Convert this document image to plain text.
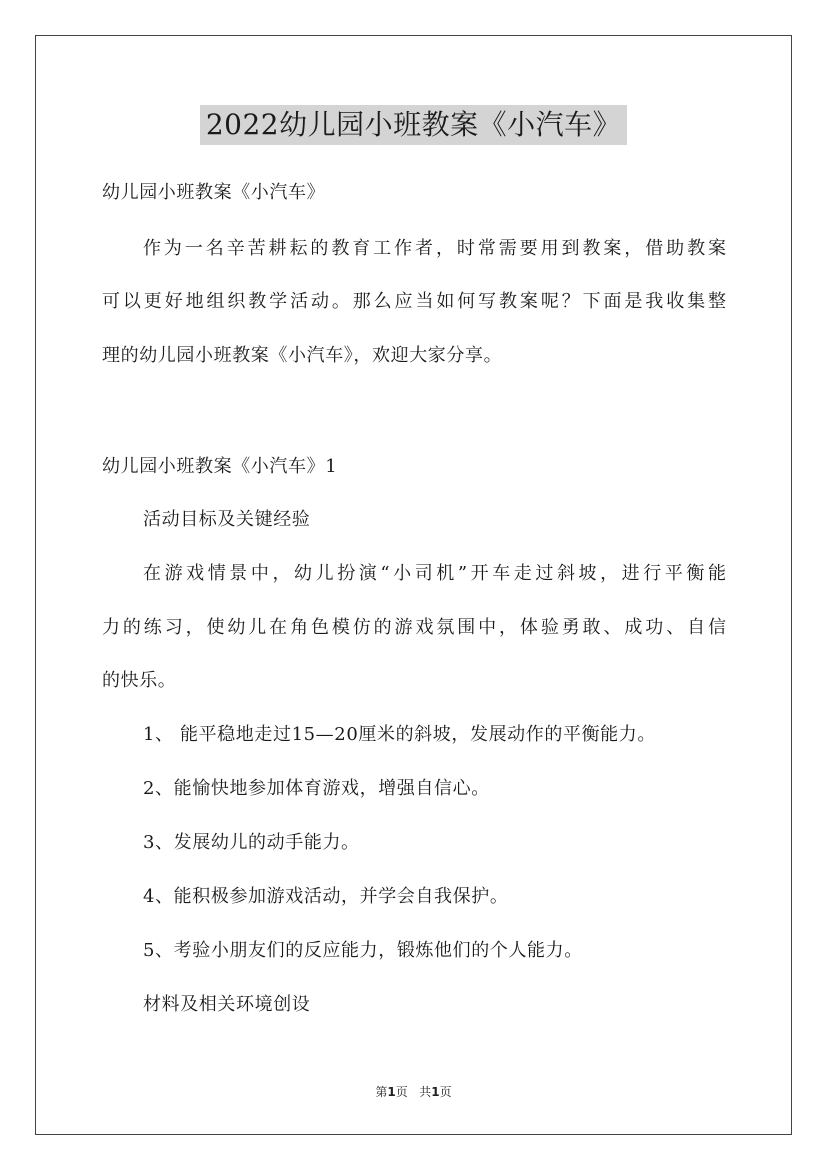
2022幼儿园小班教案《小汽车》

幼儿园小班教案《小汽车》

作为一名辛苦耕耘的教育工作者，时常需要用到教案，借助教案

可以更好地组织教学活动。那么应当如何写教案呢？下面是我收集整

理的幼儿园小班教案《小汽车》，欢迎大家分享。

幼儿园小班教案《小汽车》1

活动目标及关键经验

在游戏情景中，幼儿扮演“小司机”开车走过斜坡，进行平衡能

力的练习，使幼儿在角色模仿的游戏氛围中，体验勇敢、成功、自信

的快乐。

1、 能平稳地走过15—20厘米的斜坡，发展动作的平衡能力。

2、能愉快地参加体育游戏，增强自信心。

3、发展幼儿的动手能力。

4、能积极参加游戏活动，并学会自我保护。

5、考验小朋友们的反应能力，锻炼他们的个人能力。

材料及相关环境创设

第1页 共1页
